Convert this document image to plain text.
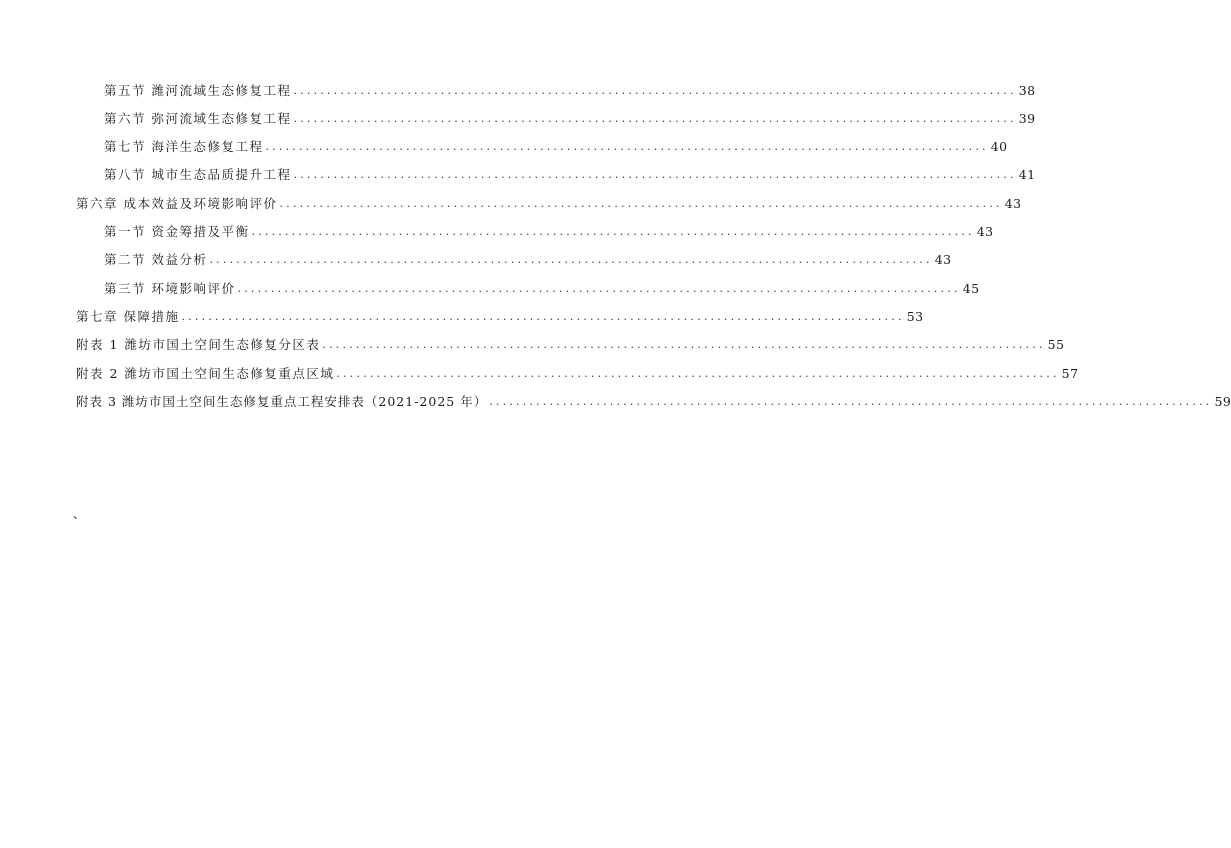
第五节 潍河流域生态修复工程 ............................................................................................................ 38
第六节 弥河流域生态修复工程 ............................................................................................................ 39
第七节 海洋生态修复工程 ............................................................................................................ 40
第八节 城市生态品质提升工程 ............................................................................................................ 41
第六章 成本效益及环境影响评价 ............................................................................................................ 43
第一节 资金筹措及平衡 ............................................................................................................ 43
第二节 效益分析 ............................................................................................................ 43
第三节 环境影响评价 ............................................................................................................ 45
第七章 保障措施 ............................................................................................................ 53
附表 1 潍坊市国土空间生态修复分区表 ............................................................................................................ 55
附表 2 潍坊市国土空间生态修复重点区域 ............................................................................................................ 57
附表 3 潍坊市国土空间生态修复重点工程安排表（2021-2025 年） ............................................................................................................ 59
、
